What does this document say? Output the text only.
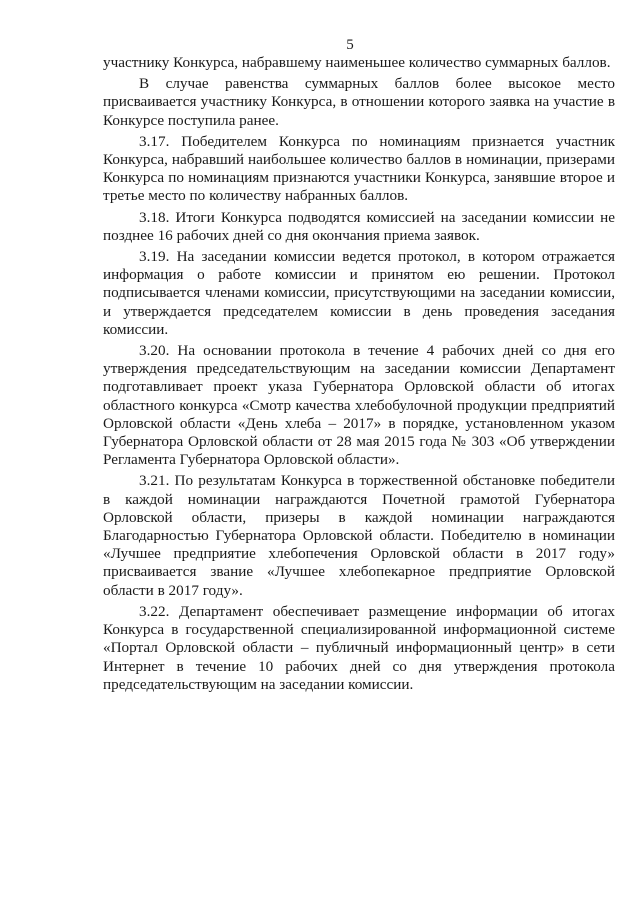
5

участнику Конкурса, набравшему наименьшее количество суммарных баллов.

В случае равенства суммарных баллов более высокое место присваивается участнику Конкурса, в отношении которого заявка на участие в Конкурсе поступила ранее.

3.17. Победителем Конкурса по номинациям признается участник Конкурса, набравший наибольшее количество баллов в номинации, призерами Конкурса по номинациям признаются участники Конкурса, занявшие второе и третье место по количеству набранных баллов.

3.18. Итоги Конкурса подводятся комиссией на заседании комиссии не позднее 16 рабочих дней со дня окончания приема заявок.

3.19. На заседании комиссии ведется протокол, в котором отражается информация о работе комиссии и принятом ею решении. Протокол подписывается членами комиссии, присутствующими на заседании комиссии, и утверждается председателем комиссии в день проведения заседания комиссии.

3.20. На основании протокола в течение 4 рабочих дней со дня его утверждения председательствующим на заседании комиссии Департамент подготавливает проект указа Губернатора Орловской области об итогах областного конкурса «Смотр качества хлебобулочной продукции предприятий Орловской области «День хлеба – 2017» в порядке, установленном указом Губернатора Орловской области от 28 мая 2015 года № 303 «Об утверждении Регламента Губернатора Орловской области».

3.21. По результатам Конкурса в торжественной обстановке победители в каждой номинации награждаются Почетной грамотой Губернатора Орловской области, призеры в каждой номинации награждаются Благодарностью Губернатора Орловской области. Победителю в номинации «Лучшее предприятие хлебопечения Орловской области в 2017 году» присваивается звание «Лучшее хлебопекарное предприятие Орловской области в 2017 году».

3.22. Департамент обеспечивает размещение информации об итогах Конкурса в государственной специализированной информационной системе «Портал Орловской области – публичный информационный центр» в сети Интернет в течение 10 рабочих дней со дня утверждения протокола председательствующим на заседании комиссии.
